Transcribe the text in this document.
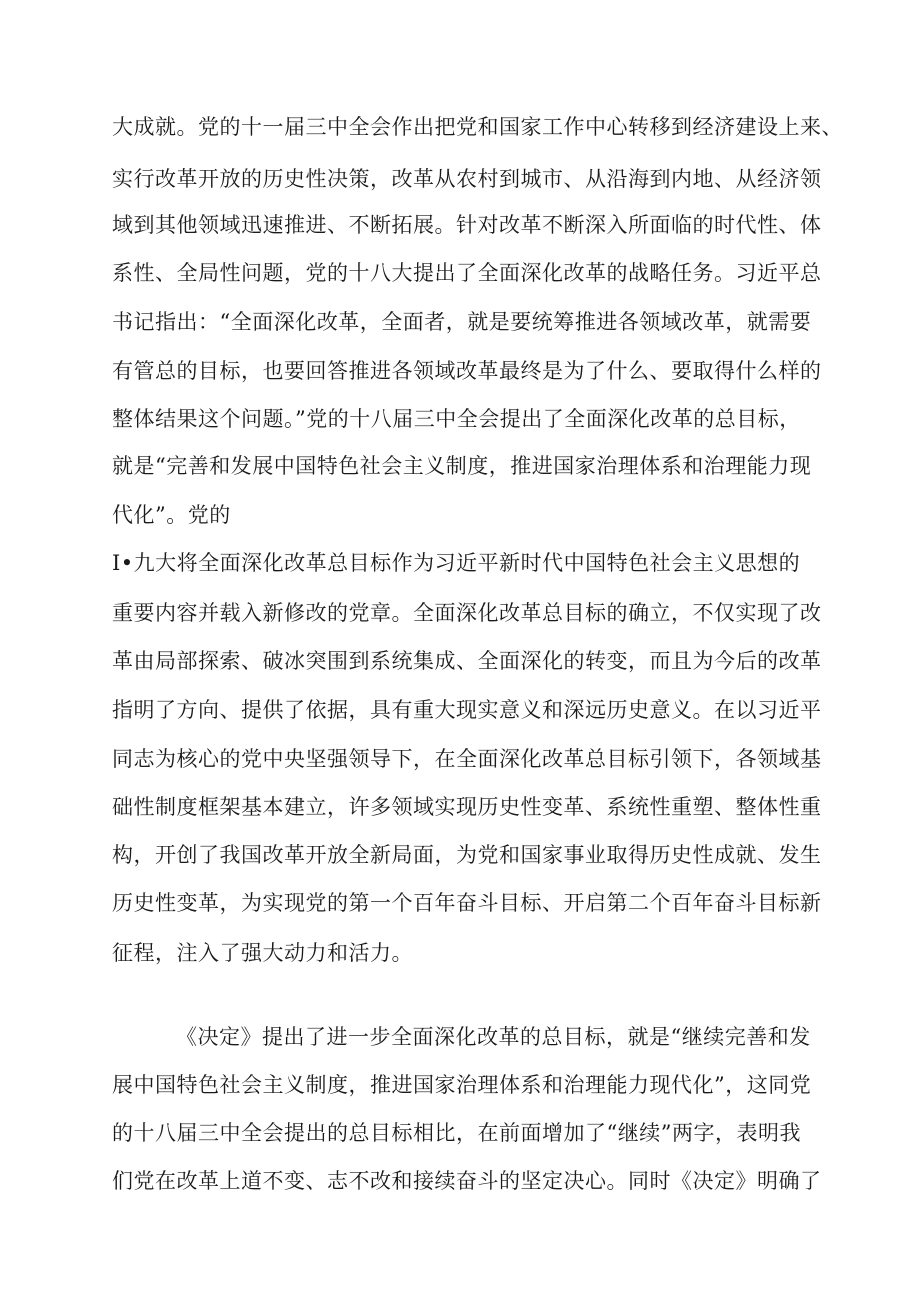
大成就。党的十一届三中全会作出把党和国家工作中心转移到经济建设上来、
实行改革开放的历史性决策，改革从农村到城市、从沿海到内地、从经济领
域到其他领域迅速推进、不断拓展。针对改革不断深入所面临的时代性、体
系性、全局性问题，党的十八大提出了全面深化改革的战略任务。习近平总
书记指出：“全面深化改革，全面者，就是要统筹推进各领域改革，就需要
有管总的目标，也要回答推进各领域改革最终是为了什么、要取得什么样的
整体结果这个问题。”党的十八届三中全会提出了全面深化改革的总目标，
就是“完善和发展中国特色社会主义制度，推进国家治理体系和治理能力现
代化”。党的
I•九大将全面深化改革总目标作为习近平新时代中国特色社会主义思想的
重要内容并载入新修改的党章。全面深化改革总目标的确立，不仅实现了改
革由局部探索、破冰突围到系统集成、全面深化的转变，而且为今后的改革
指明了方向、提供了依据，具有重大现实意义和深远历史意义。在以习近平
同志为核心的党中央坚强领导下，在全面深化改革总目标引领下，各领域基
础性制度框架基本建立，许多领域实现历史性变革、系统性重塑、整体性重
构，开创了我国改革开放全新局面，为党和国家事业取得历史性成就、发生
历史性变革，为实现党的第一个百年奋斗目标、开启第二个百年奋斗目标新
征程，注入了强大动力和活力。
《决定》提出了进一步全面深化改革的总目标，就是“继续完善和发
展中国特色社会主义制度，推进国家治理体系和治理能力现代化”，这同党
的十八届三中全会提出的总目标相比，在前面增加了“继续”两字，表明我
们党在改革上道不变、志不改和接续奋斗的坚定决心。同时《决定》明确了
